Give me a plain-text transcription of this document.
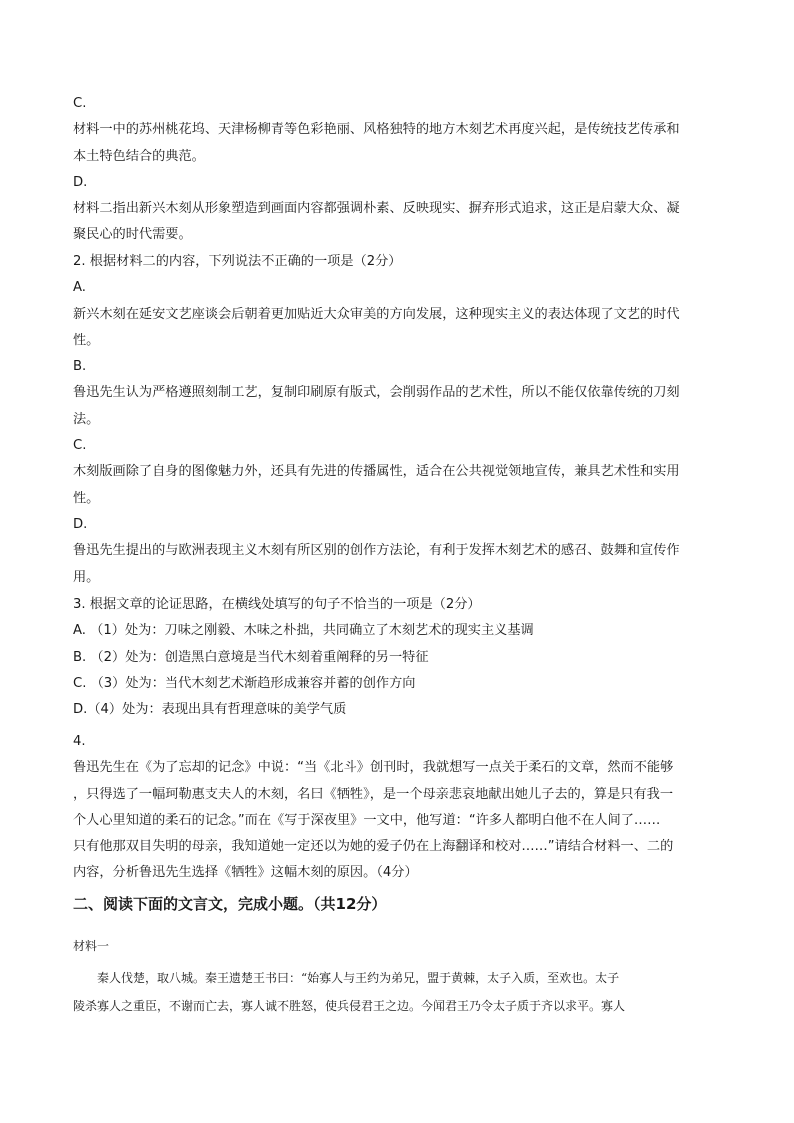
C.
材料一中的苏州桃花坞、天津杨柳青等色彩艳丽、风格独特的地方木刻艺术再度兴起，是传统技艺传承和
本土特色结合的典范。
D.
材料二指出新兴木刻从形象塑造到画面内容都强调朴素、反映现实、摒弃形式追求，这正是启蒙大众、凝
聚民心的时代需要。
2. 根据材料二的内容，下列说法不正确的一项是（2分）
A.
新兴木刻在延安文艺座谈会后朝着更加贴近大众审美的方向发展，这种现实主义的表达体现了文艺的时代
性。
B.
鲁迅先生认为严格遵照刻制工艺，复制印刷原有版式，会削弱作品的艺术性，所以不能仅依靠传统的刀刻
法。
C.
木刻版画除了自身的图像魅力外，还具有先进的传播属性，适合在公共视觉领地宣传，兼具艺术性和实用
性。
D.
鲁迅先生提出的与欧洲表现主义木刻有所区别的创作方法论，有利于发挥木刻艺术的感召、鼓舞和宣传作
用。
3. 根据文章的论证思路，在横线处填写的句子不恰当的一项是（2分）
A. （1）处为：刀味之刚毅、木味之朴拙，共同确立了木刻艺术的现实主义基调
B. （2）处为：创造黑白意境是当代木刻着重阐释的另一特征
C. （3）处为：当代木刻艺术渐趋形成兼容并蓄的创作方向
D.（4）处为：表现出具有哲理意味的美学气质
4.
鲁迅先生在《为了忘却的记念》中说：“当《北斗》创刊时，我就想写一点关于柔石的文章，然而不能够
，只得选了一幅珂勒惠支夫人的木刻，名曰《牺牲》，是一个母亲悲哀地献出她儿子去的，算是只有我一
个人心里知道的柔石的记念。”而在《写于深夜里》一文中，他写道：“许多人都明白他不在人间了……
只有他那双目失明的母亲，我知道她一定还以为她的爱子仍在上海翻译和校对……”请结合材料一、二的
内容，分析鲁迅先生选择《牺牲》这幅木刻的原因。（4分）
二、阅读下面的文言文，完成小题。（共12分）
材料一
秦人伐楚，取八城。秦王遗楚王书曰：“始寡人与王约为弟兄，盟于黄棘，太子入质，至欢也。太子
陵杀寡人之重臣，不谢而亡去，寡人诚不胜怒，使兵侵君王之边。今闻君王乃令太子质于齐以求平。寡人
